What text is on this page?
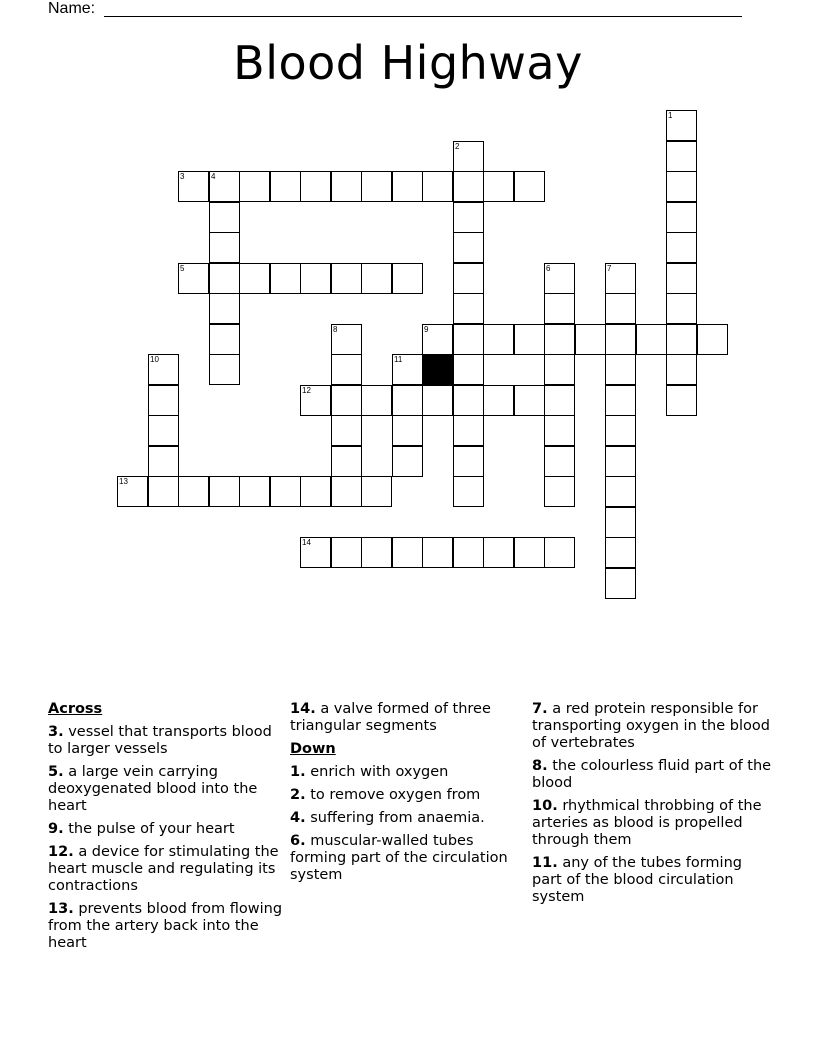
Name:
Blood Highway
3	4
5
9
12
13
14
1
2
6	7
8
10	11
Across
3. vessel that transports blood to larger vessels
5. a large vein carrying deoxygenated blood into the heart
9. the pulse of your heart
12. a device for stimulating the heart muscle and regulating its contractions
13. prevents blood from flowing from the artery back into the heart
14. a valve formed of three triangular segments
Down
1. enrich with oxygen
2. to remove oxygen from
4. suffering from anaemia.
6. muscular-walled tubes forming part of the circulation system
7. a red protein responsible for transporting oxygen in the blood of vertebrates
8. the colourless fluid part of the blood
10. rhythmical throbbing of the arteries as blood is propelled through them
11. any of the tubes forming part of the blood circulation system
